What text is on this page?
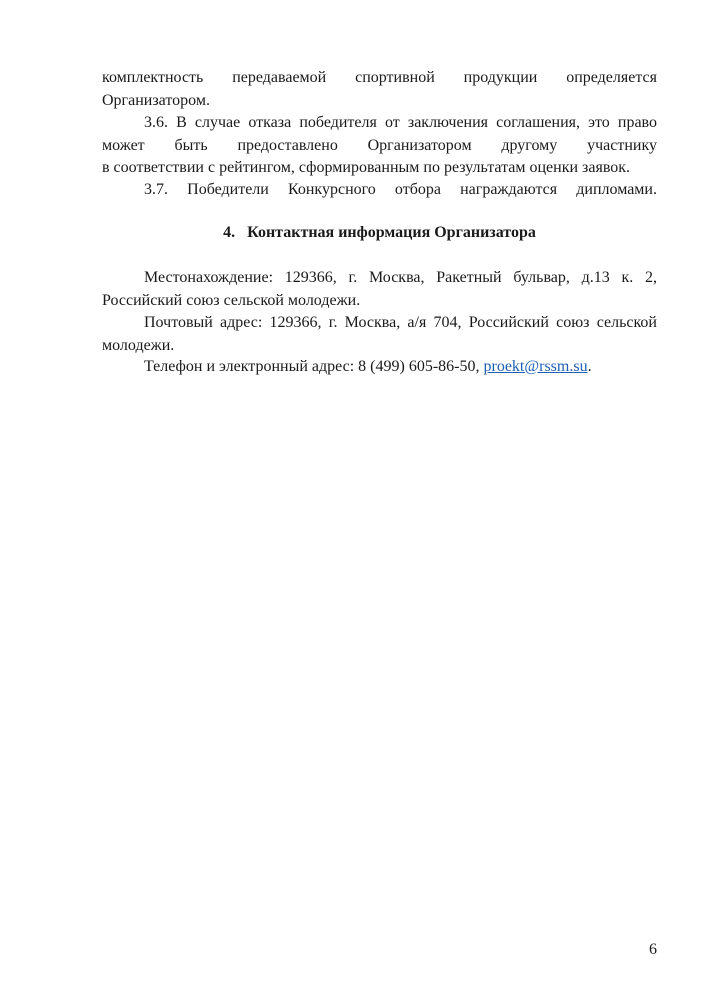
комплектность передаваемой спортивной продукции определяется
Организатором.
3.6. В случае отказа победителя от заключения соглашения, это право
может быть предоставлено Организатором другому участнику
в соответствии с рейтингом, сформированным по результатам оценки заявок.
3.7. Победители Конкурсного отбора награждаются дипломами.
4. Контактная информация Организатора
Местонахождение: 129366, г. Москва, Ракетный бульвар, д.13 к. 2,
Российский союз сельской молодежи.
Почтовый адрес: 129366, г. Москва, а/я 704, Российский союз сельской
молодежи.
Телефон и электронный адрес: 8 (499) 605-86-50, proekt@rssm.su.
6
